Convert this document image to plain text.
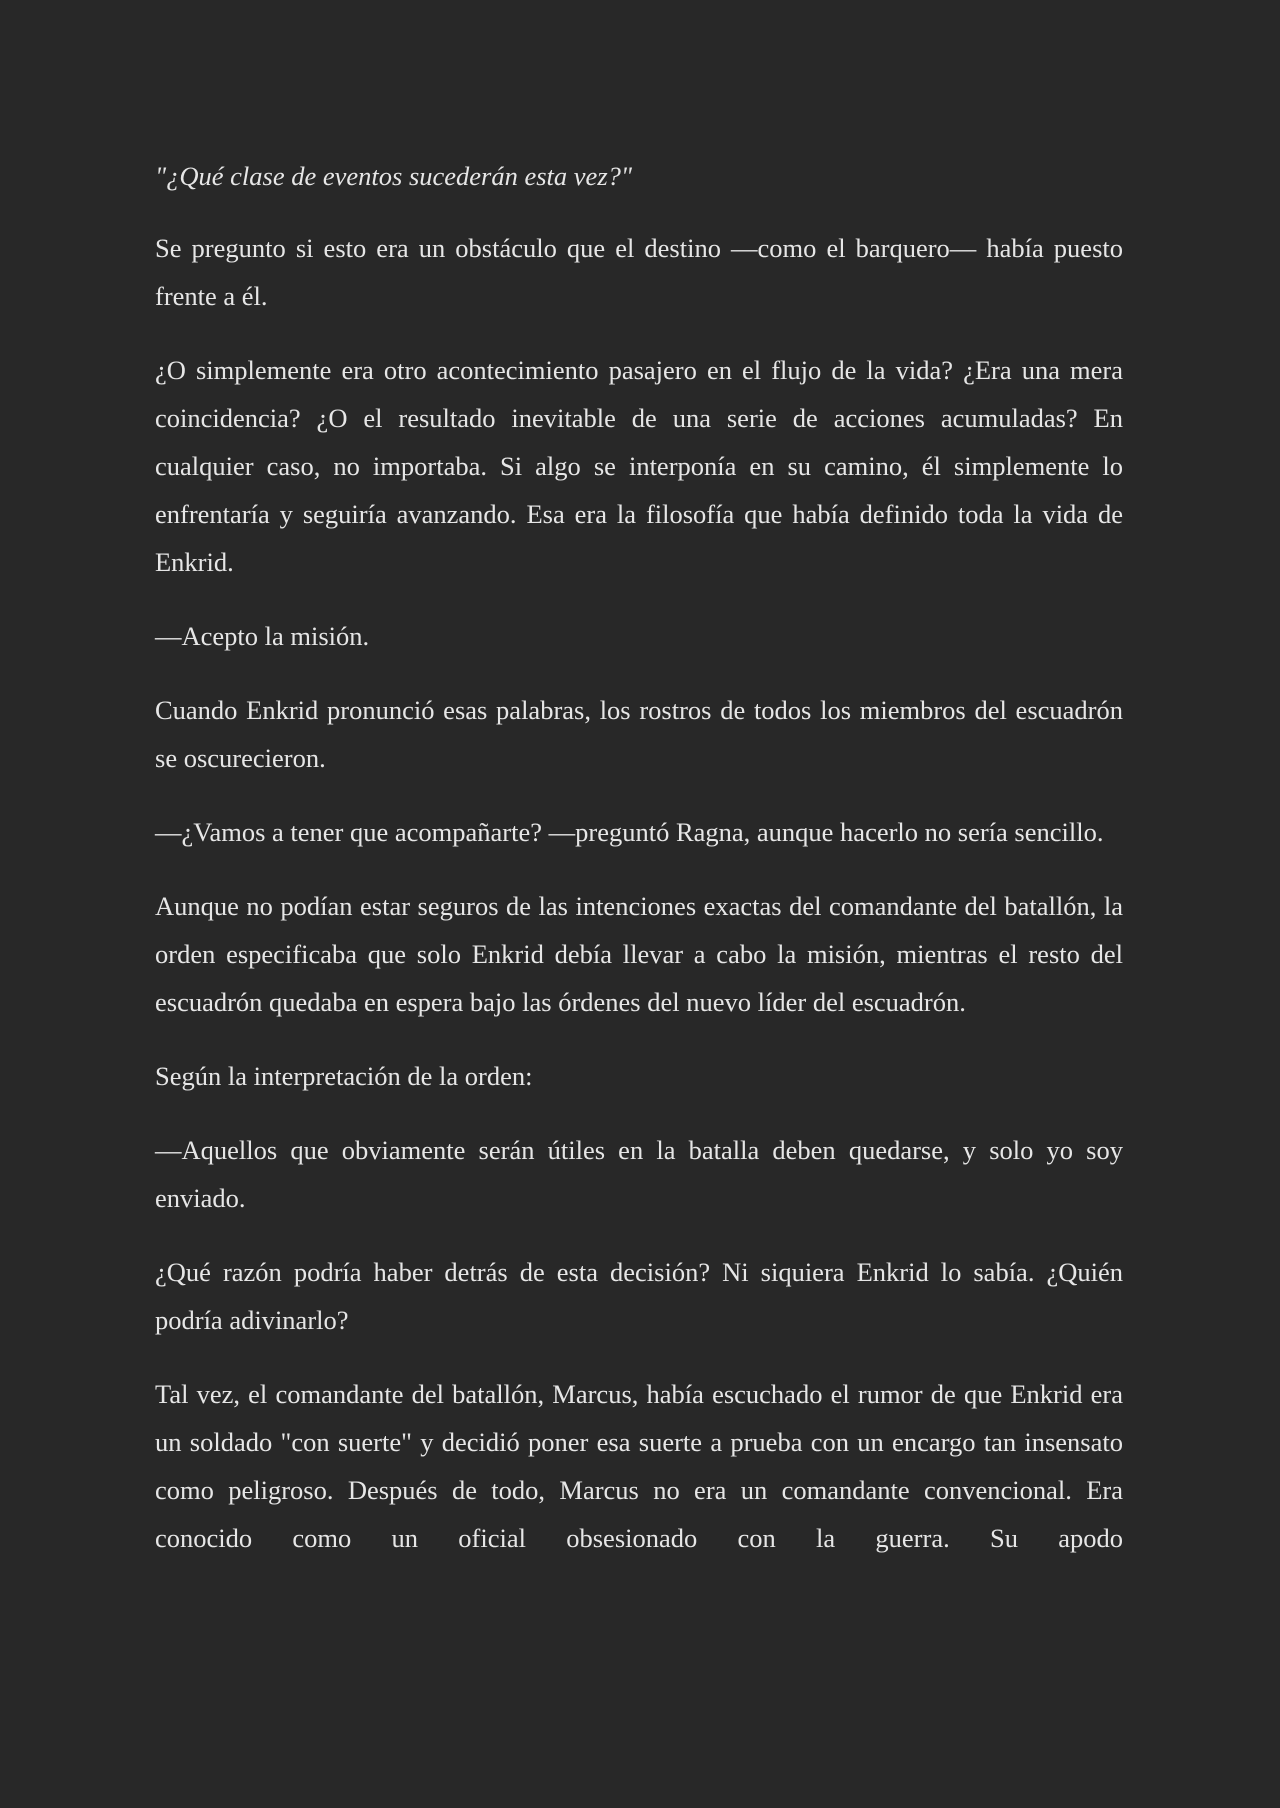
"¿Qué clase de eventos sucederán esta vez?"

Se pregunto si esto era un obstáculo que el destino —como el barquero— había puesto frente a él.

¿O simplemente era otro acontecimiento pasajero en el flujo de la vida? ¿Era una mera coincidencia? ¿O el resultado inevitable de una serie de acciones acumuladas? En cualquier caso, no importaba. Si algo se interponía en su camino, él simplemente lo enfrentaría y seguiría avanzando. Esa era la filosofía que había definido toda la vida de Enkrid.

—Acepto la misión.

Cuando Enkrid pronunció esas palabras, los rostros de todos los miembros del escuadrón se oscurecieron.

—¿Vamos a tener que acompañarte? —preguntó Ragna, aunque hacerlo no sería sencillo.

Aunque no podían estar seguros de las intenciones exactas del comandante del batallón, la orden especificaba que solo Enkrid debía llevar a cabo la misión, mientras el resto del escuadrón quedaba en espera bajo las órdenes del nuevo líder del escuadrón.

Según la interpretación de la orden:

—Aquellos que obviamente serán útiles en la batalla deben quedarse, y solo yo soy enviado.

¿Qué razón podría haber detrás de esta decisión? Ni siquiera Enkrid lo sabía. ¿Quién podría adivinarlo?

Tal vez, el comandante del batallón, Marcus, había escuchado el rumor de que Enkrid era un soldado "con suerte" y decidió poner esa suerte a prueba con un encargo tan insensato como peligroso. Después de todo, Marcus no era un comandante convencional. Era conocido como un oficial obsesionado con la guerra. Su apodo
